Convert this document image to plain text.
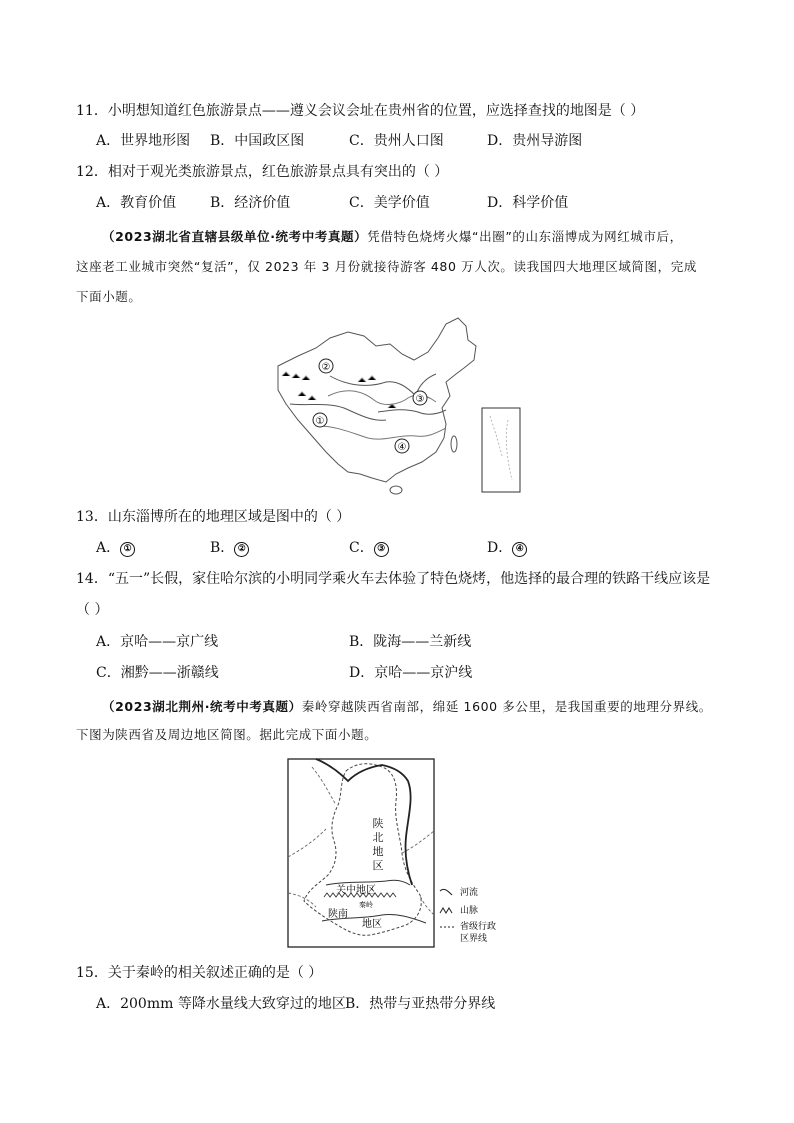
11．小明想知道红色旅游景点——遵义会议会址在贵州省的位置，应选择查找的地图是（ ）
A．世界地形图 B．中国政区图	C．贵州人口图	D．贵州导游图
12．相对于观光类旅游景点，红色旅游景点具有突出的（ ）
A．教育价值 B．经济价值	C．美学价值	D．科学价值
（2023湖北省直辖县级单位·统考中考真题）凭借特色烧烤火爆“出圈”的山东淄博成为网红城市后，
这座老工业城市突然“复活”，仅 2023 年 3 月份就接待游客 480 万人次。读我国四大地理区域简图，完成
下面小题。
②
①
③
④
13．山东淄博所在的地理区域是图中的（ ）
A． ①	B． ②	C． ③	D． ④
14．“五一”长假，家住哈尔滨的小明同学乘火车去体验了特色烧烤，他选择的最合理的铁路干线应该是
（ ）
A．京哈——京广线	B．陇海——兰新线
C．湘黔——浙赣线	D．京哈——京沪线
（2023湖北荆州·统考中考真题）秦岭穿越陕西省南部，绵延 1600 多公里，是我国重要的地理分界线。
下图为陕西省及周边地区简图。据此完成下面小题。
陕
北
地
区
关中地区
秦岭
陕南
地区
河流
山脉
省级行政
区界线
15．关于秦岭的相关叙述正确的是（ ）
A．200mm 等降水量线大致穿过的地区 B．热带与亚热带分界线
